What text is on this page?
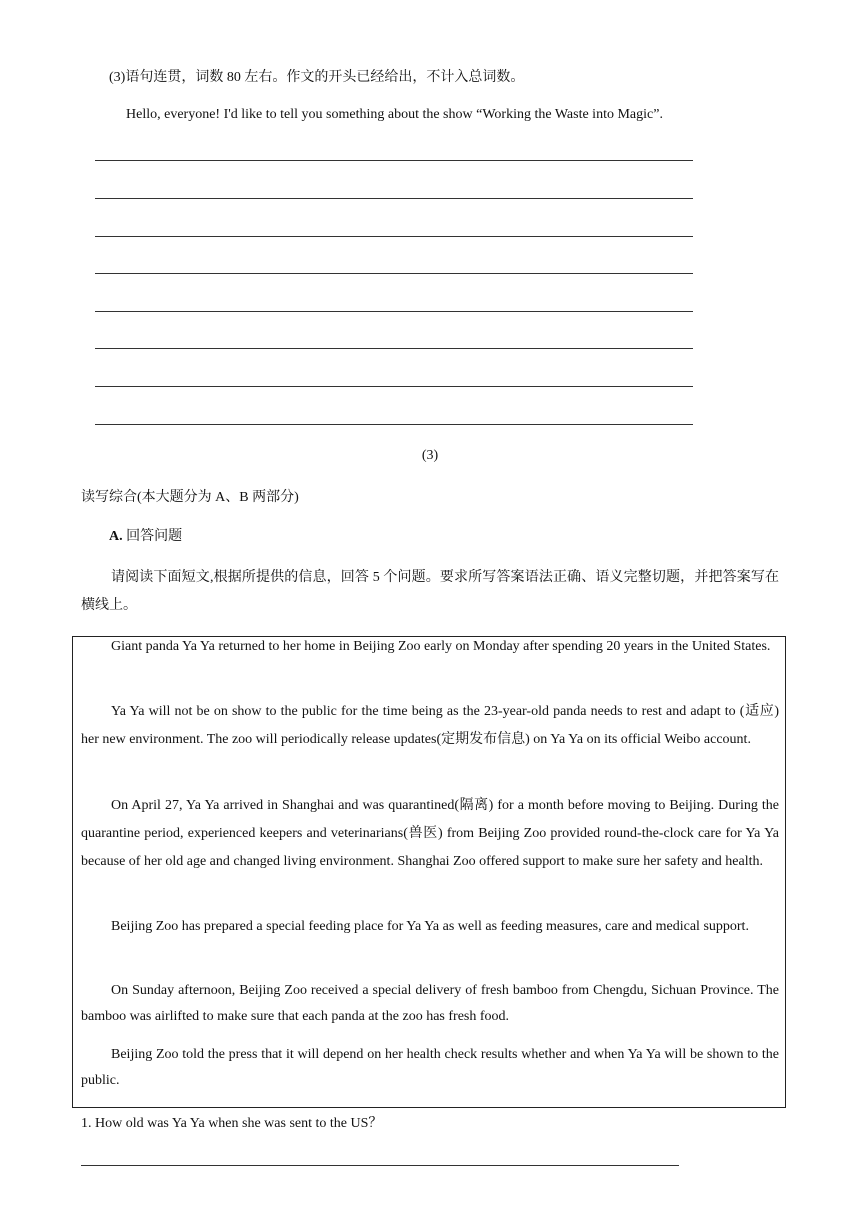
(3)语句连贯，词数 80 左右。作文的开头已经给出，不计入总词数。
Hello, everyone! I'd like to tell you something about the show “Working the Waste into Magic”.
(3)
读写综合(本大题分为 A、B 两部分)
A. 回答问题
请阅读下面短文,根据所提供的信息，回答 5 个问题。要求所写答案语法正确、语义完整切题，并把答案写在横线上。
Giant panda Ya Ya returned to her home in Beijing Zoo early on Monday after spending 20 years in the United States.
Ya Ya will not be on show to the public for the time being as the 23-year-old panda needs to rest and adapt to (适应) her new environment. The zoo will periodically release updates(定期发布信息) on Ya Ya on its official Weibo account.
On April 27, Ya Ya arrived in Shanghai and was quarantined(隔离) for a month before moving to Beijing. During the quarantine period, experienced keepers and veterinarians(兽医) from Beijing Zoo provided round-the-clock care for Ya Ya because of her old age and changed living environment. Shanghai Zoo offered support to make sure her safety and health.
Beijing Zoo has prepared a special feeding place for Ya Ya as well as feeding measures, care and medical support.
On Sunday afternoon, Beijing Zoo received a special delivery of fresh bamboo from Chengdu, Sichuan Province. The bamboo was airlifted to make sure that each panda at the zoo has fresh food.
Beijing Zoo told the press that it will depend on her health check results whether and when Ya Ya will be shown to the public.
1. How old was Ya Ya when she was sent to the US？
